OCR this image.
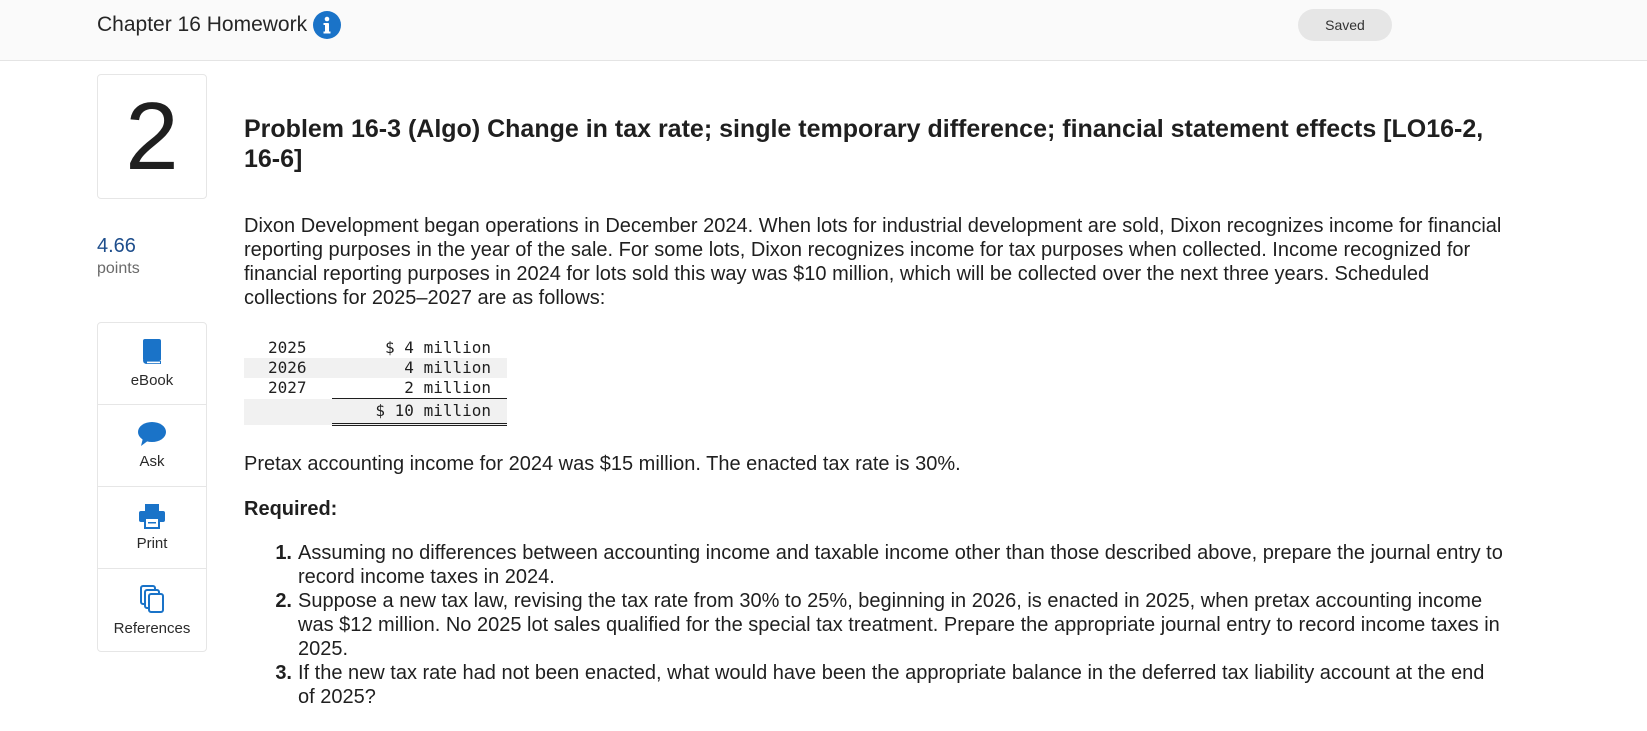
Chapter 16 Homework	Saved
2
4.66
points
eBook
Ask
Print
References
Problem 16-3 (Algo) Change in tax rate; single temporary difference; financial statement effects [LO16-2, 16-6]

Dixon Development began operations in December 2024. When lots for industrial development are sold, Dixon recognizes income for financial reporting purposes in the year of the sale. For some lots, Dixon recognizes income for tax purposes when collected. Income recognized for financial reporting purposes in 2024 for lots sold this way was $10 million, which will be collected over the next three years. Scheduled collections for 2025–2027 are as follows:

2025	$ 4 million
2026	4 million
2027	2 million
	$ 10 million

Pretax accounting income for 2024 was $15 million. The enacted tax rate is 30%.

Required:
1. Assuming no differences between accounting income and taxable income other than those described above, prepare the journal entry to record income taxes in 2024.
2. Suppose a new tax law, revising the tax rate from 30% to 25%, beginning in 2026, is enacted in 2025, when pretax accounting income was $12 million. No 2025 lot sales qualified for the special tax treatment. Prepare the appropriate journal entry to record income taxes in 2025.
3. If the new tax rate had not been enacted, what would have been the appropriate balance in the deferred tax liability account at the end of 2025?
